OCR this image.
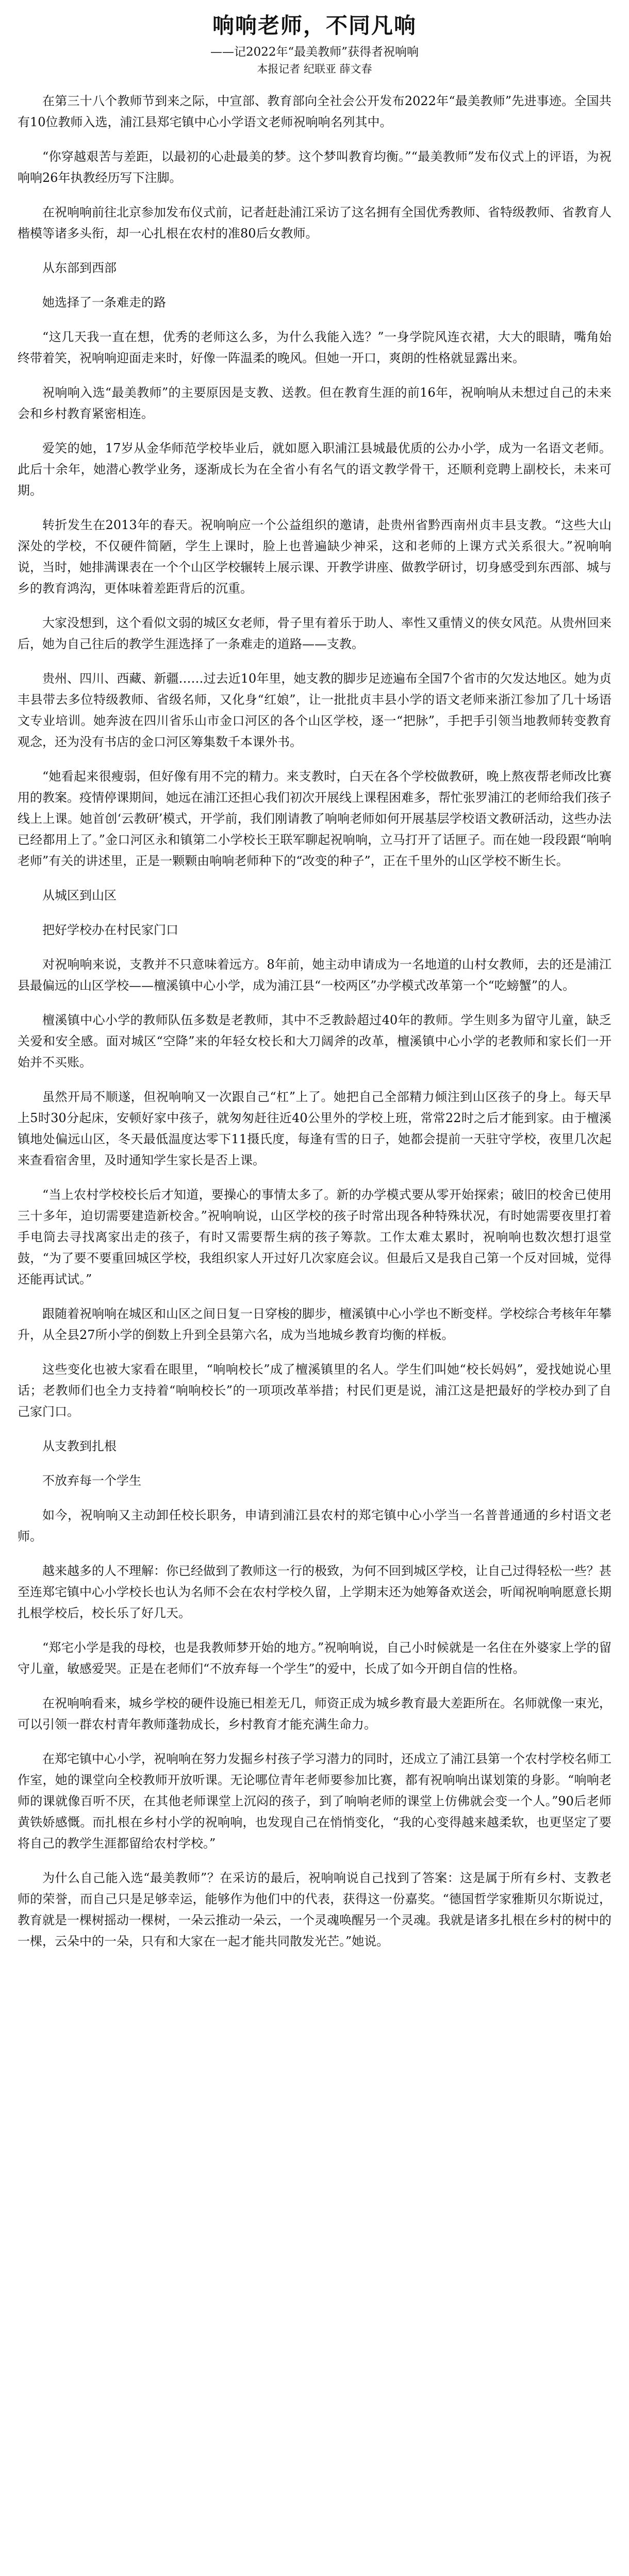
响响老师，不同凡响
——记2022年“最美教师”获得者祝响响
本报记者 纪联亚 薛文春

在第三十八个教师节到来之际，中宣部、教育部向全社会公开发布2022年“最美教师”先进事迹。全国共有10位教师入选，浦江县郑宅镇中心小学语文老师祝响响名列其中。

“你穿越艰苦与差距，以最初的心赴最美的梦。这个梦叫教育均衡。”“最美教师”发布仪式上的评语，为祝响响26年执教经历写下注脚。

在祝响响前往北京参加发布仪式前，记者赶赴浦江采访了这名拥有全国优秀教师、省特级教师、省教育人楷模等诸多头衔，却一心扎根在农村的准80后女教师。

从东部到西部
她选择了一条难走的路

“这几天我一直在想，优秀的老师这么多，为什么我能入选？”一身学院风连衣裙，大大的眼睛，嘴角始终带着笑，祝响响迎面走来时，好像一阵温柔的晚风。但她一开口，爽朗的性格就显露出来。

祝响响入选“最美教师”的主要原因是支教、送教。但在教育生涯的前16年，祝响响从未想过自己的未来会和乡村教育紧密相连。

爱笑的她，17岁从金华师范学校毕业后，就如愿入职浦江县城最优质的公办小学，成为一名语文老师。此后十余年，她潜心教学业务，逐渐成长为在全省小有名气的语文教学骨干，还顺利竞聘上副校长，未来可期。

转折发生在2013年的春天。祝响响应一个公益组织的邀请，赴贵州省黔西南州贞丰县支教。“这些大山深处的学校，不仅硬件简陋，学生上课时，脸上也普遍缺少神采，这和老师的上课方式关系很大。”祝响响说，当时，她排满课表在一个个山区学校辗转上展示课、开教学讲座、做教学研讨，切身感受到东西部、城与乡的教育鸿沟，更体味着差距背后的沉重。

大家没想到，这个看似文弱的城区女老师，骨子里有着乐于助人、率性又重情义的侠女风范。从贵州回来后，她为自己往后的教学生涯选择了一条难走的道路——支教。

贵州、四川、西藏、新疆……过去近10年里，她支教的脚步足迹遍布全国7个省市的欠发达地区。她为贞丰县带去多位特级教师、省级名师，又化身“红娘”，让一批批贞丰县小学的语文老师来浙江参加了几十场语文专业培训。她奔波在四川省乐山市金口河区的各个山区学校，逐一“把脉”，手把手引领当地教师转变教育观念，还为没有书店的金口河区筹集数千本课外书。

“她看起来很瘦弱，但好像有用不完的精力。来支教时，白天在各个学校做教研，晚上熬夜帮老师改比赛用的教案。疫情停课期间，她远在浦江还担心我们初次开展线上课程困难多，帮忙张罗浦江的老师给我们孩子线上上课。她首创‘云教研’模式，开学前，我们刚请教了响响老师如何开展基层学校语文教研活动，这些办法已经都用上了。”金口河区永和镇第二小学校长王联军聊起祝响响，立马打开了话匣子。而在她一段段跟“响响老师”有关的讲述里，正是一颗颗由响响老师种下的“改变的种子”，正在千里外的山区学校不断生长。

从城区到山区
把好学校办在村民家门口

对祝响响来说，支教并不只意味着远方。8年前，她主动申请成为一名地道的山村女教师，去的还是浦江县最偏远的山区学校——檀溪镇中心小学，成为浦江县“一校两区”办学模式改革第一个“吃螃蟹”的人。

檀溪镇中心小学的教师队伍多数是老教师，其中不乏教龄超过40年的教师。学生则多为留守儿童，缺乏关爱和安全感。面对城区“空降”来的年轻女校长和大刀阔斧的改革，檀溪镇中心小学的老教师和家长们一开始并不买账。

虽然开局不顺遂，但祝响响又一次跟自己“杠”上了。她把自己全部精力倾注到山区孩子的身上。每天早上5时30分起床，安顿好家中孩子，就匆匆赶往近40公里外的学校上班，常常22时之后才能到家。由于檀溪镇地处偏远山区，冬天最低温度达零下11摄氏度，每逢有雪的日子，她都会提前一天驻守学校，夜里几次起来查看宿舍里，及时通知学生家长是否上课。

“当上农村学校校长后才知道，要操心的事情太多了。新的办学模式要从零开始探索；破旧的校舍已使用三十多年，迫切需要建造新校舍。”祝响响说，山区学校的孩子时常出现各种特殊状况，有时她需要夜里打着手电筒去寻找离家出走的孩子，有时又需要帮生病的孩子筹款。工作太难太累时，祝响响也数次想打退堂鼓，“为了要不要重回城区学校，我组织家人开过好几次家庭会议。但最后又是我自己第一个反对回城，觉得还能再试试。”

跟随着祝响响在城区和山区之间日复一日穿梭的脚步，檀溪镇中心小学也不断变样。学校综合考核年年攀升，从全县27所小学的倒数上升到全县第六名，成为当地城乡教育均衡的样板。

这些变化也被大家看在眼里，“响响校长”成了檀溪镇里的名人。学生们叫她“校长妈妈”，爱找她说心里话；老教师们也全力支持着“响响校长”的一项项改革举措；村民们更是说，浦江这是把最好的学校办到了自己家门口。

从支教到扎根
不放弃每一个学生

如今，祝响响又主动卸任校长职务，申请到浦江县农村的郑宅镇中心小学当一名普普通通的乡村语文老师。

越来越多的人不理解：你已经做到了教师这一行的极致，为何不回到城区学校，让自己过得轻松一些？甚至连郑宅镇中心小学校长也认为名师不会在农村学校久留，上学期末还为她筹备欢送会，听闻祝响响愿意长期扎根学校后，校长乐了好几天。

“郑宅小学是我的母校，也是我教师梦开始的地方。”祝响响说，自己小时候就是一名住在外婆家上学的留守儿童，敏感爱哭。正是在老师们“不放弃每一个学生”的爱中，长成了如今开朗自信的性格。

在祝响响看来，城乡学校的硬件设施已相差无几，师资正成为城乡教育最大差距所在。名师就像一束光，可以引领一群农村青年教师蓬勃成长，乡村教育才能充满生命力。

在郑宅镇中心小学，祝响响在努力发掘乡村孩子学习潜力的同时，还成立了浦江县第一个农村学校名师工作室，她的课堂向全校教师开放听课。无论哪位青年老师要参加比赛，都有祝响响出谋划策的身影。“响响老师的课就像百听不厌，在其他老师课堂上沉闷的孩子，到了响响老师的课堂上仿佛就会变一个人。”90后老师黄铁娇感慨。而扎根在乡村小学的祝响响，也发现自己在悄悄变化，“我的心变得越来越柔软，也更坚定了要将自己的教学生涯都留给农村学校。”

为什么自己能入选“最美教师”？在采访的最后，祝响响说自己找到了答案：这是属于所有乡村、支教老师的荣誉，而自己只是足够幸运，能够作为他们中的代表，获得这一份嘉奖。“德国哲学家雅斯贝尔斯说过，教育就是一棵树摇动一棵树，一朵云推动一朵云，一个灵魂唤醒另一个灵魂。我就是诸多扎根在乡村的树中的一棵，云朵中的一朵，只有和大家在一起才能共同散发光芒。”她说。
